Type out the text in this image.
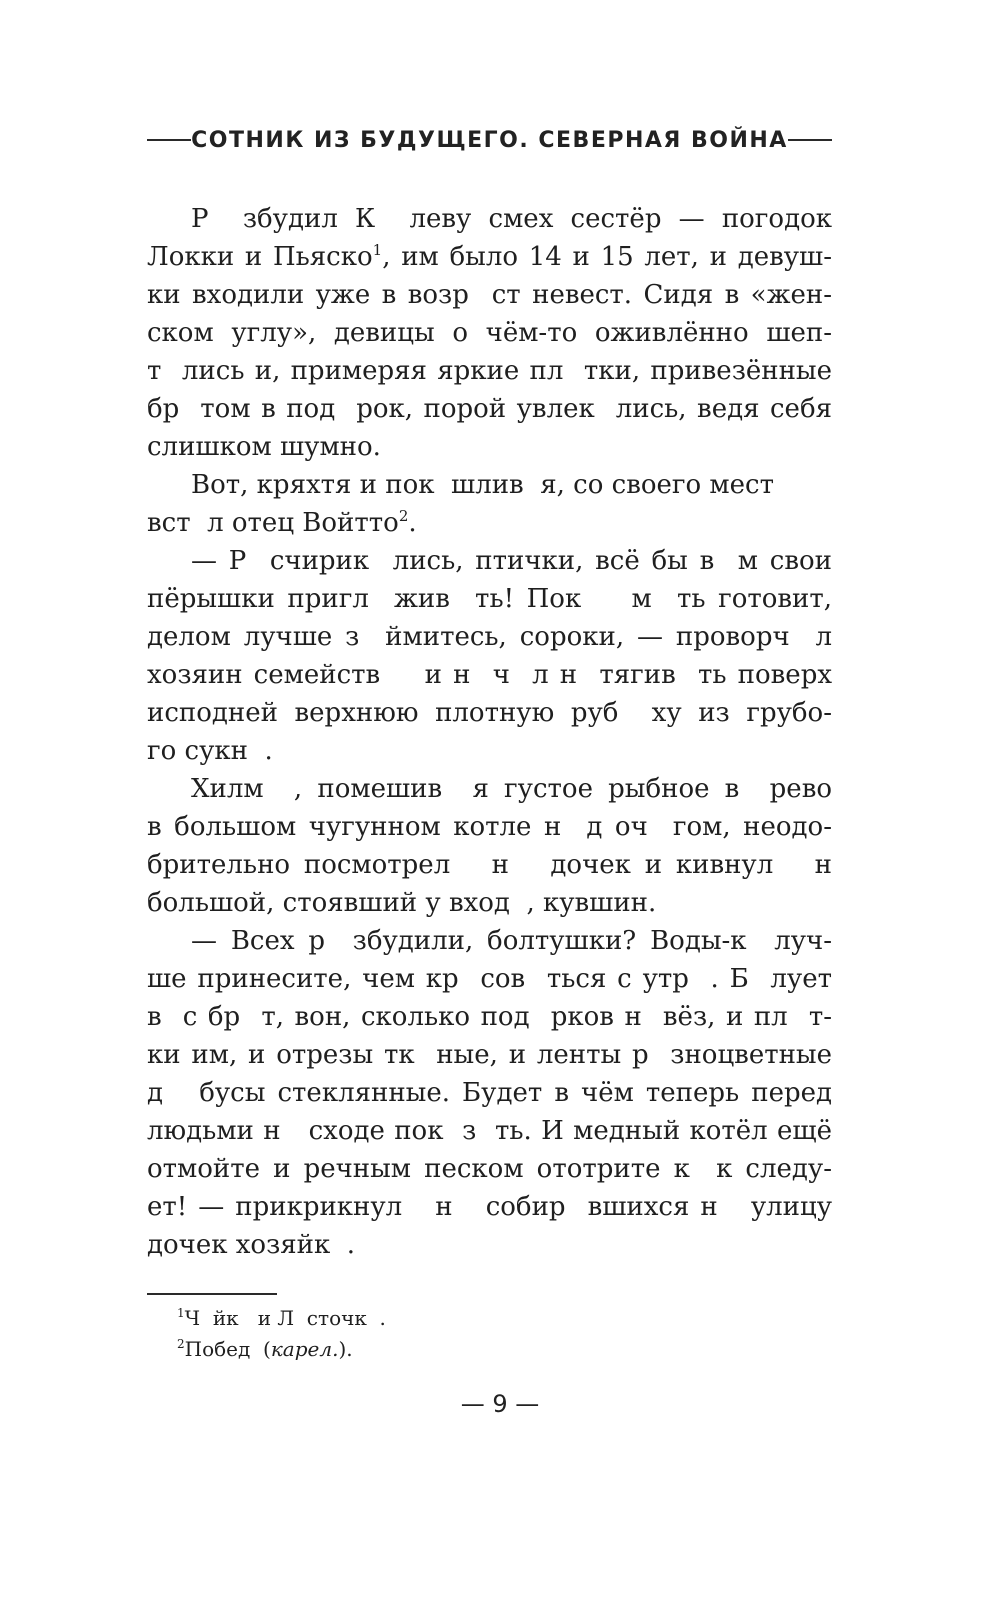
СОТНИК ИЗ БУДУЩЕГО. СЕВЕРНАЯ ВОЙНА
Р  збудил К  леву смех сестёр — погодок
Локки и Пьяско$^1$, им было 14 и 15 лет, и девуш-
ки входили уже в возр  ст невест. Сидя в «жен-
ском углу», девицы о чём-то оживлённо шеп-
т  лись и, примеряя яркие пл  тки, привезённые
бр  том в под  рок, порой увлек  лись, ведя себя
слишком шумно.
Вот, кряхтя и пок  шлив  я, со своего мест
вст  л отец Войтто$^2$.
— Р  счирик  лись, птички, всё бы в  м свои
пёрышки пригл  жив  ть! Пок    м  ть готовит,
делом лучше з  ймитесь, сороки, — проворч  л
хозяин семейств    и н  ч  л н  тягив  ть поверх
исподней верхнюю плотную руб  ху из грубо-
го сукн  .
Хилм  , помешив  я густое рыбное в  рево
в большом чугунном котле н  д оч  гом, неодо-
брительно посмотрел   н   дочек и кивнул   н
большой, стоявший у вход  , кувшин.
— Всех р  збудили, болтушки? Воды-к  луч-
ше принесите, чем кр  сов  ться с утр  . Б  лует
в  с бр  т, вон, сколько под  рков н  вёз, и пл  т-
ки им, и отрезы тк  ные, и ленты р  зноцветные
д   бусы стеклянные. Будет в чём теперь перед
людьми н   сходе пок  з  ть. И медный котёл ещё
отмойте и речным песком ототрите к  к следу-
ет! — прикрикнул   н   собир  вшихся н   улицу
дочек хозяйк  .
$^1$Ч  йк   и Л  сточк  .
$^2$Побед  (карел.).
— 9 —
